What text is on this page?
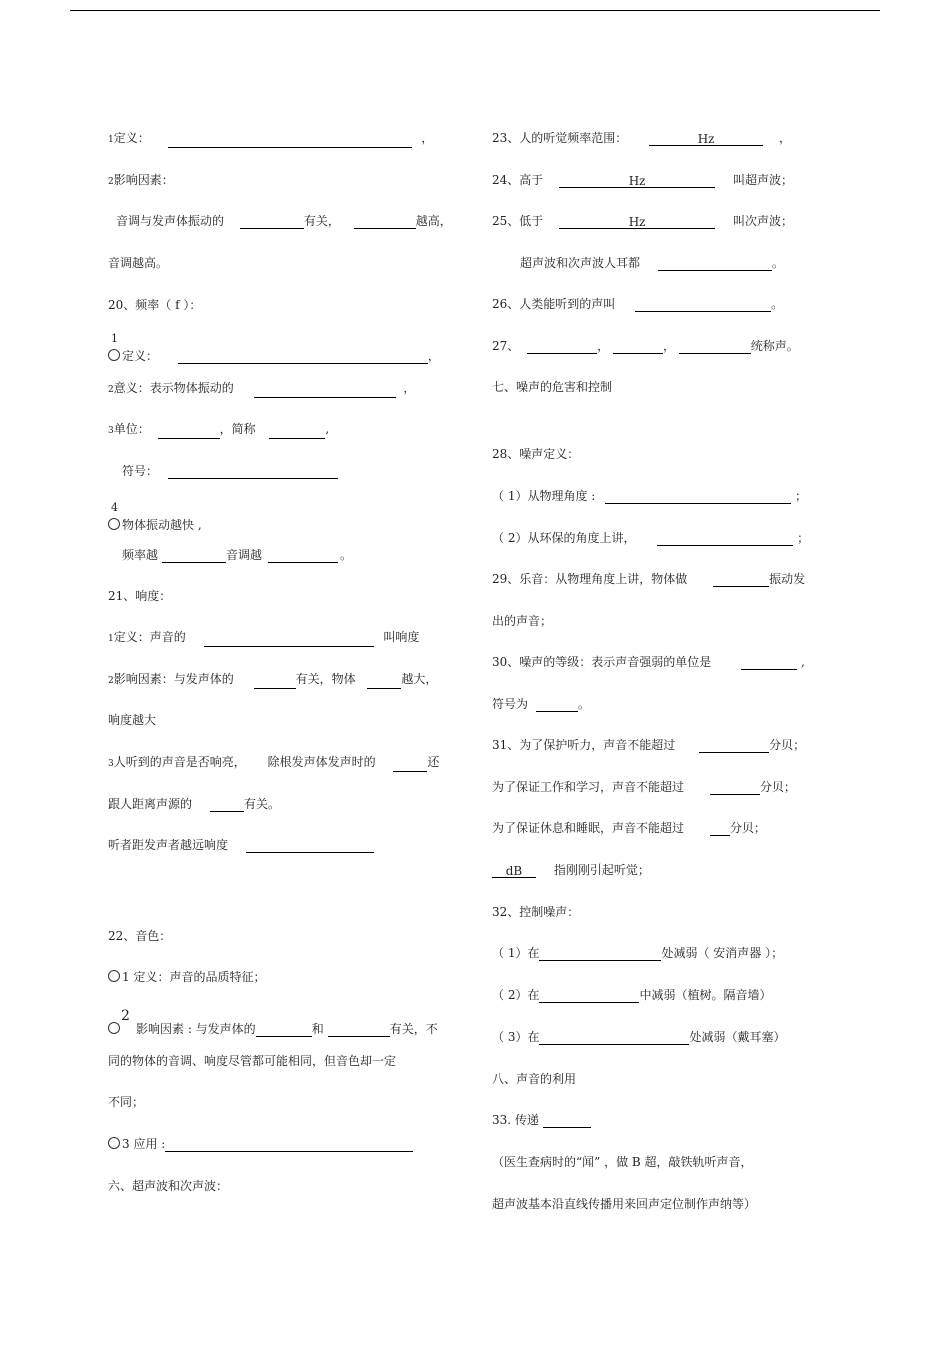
1定义：	，
2影响因素：
音调与发声体振动的	有关，	越高，
音调越高。
20、频率（ f ）：
1
定义：	，
2意义：表示物体振动的	，
3单位：	，简称	,
符号：
4
物体振动越快 ,
频率越	音调越	。
21、响度：
1定义：声音的	叫响度
2影响因素：与发声体的	有关，物体	越大，
响度越大
3人听到的声音是否响亮， 除根发声体发声时的	还
跟人距离声源的	有关。
听者距发声者越远响度
22、音色：
1 定义：声音的品质特征；
2
影响因素 : 与发声体的	和	有关，不
同的物体的音调、响度尽管都可能相同，但音色却一定
不同；
3 应用 :
六、超声波和次声波：
23、人的听觉频率范围：	Hz	，
24、高于	Hz	叫超声波；
25、低于	Hz	叫次声波；
超声波和次声波人耳都	。
26、人类能听到的声叫	。
27、	，	，	统称声。
七、噪声的危害和控制
28、噪声定义：
（ 1）从物理角度 :	；
（ 2）从环保的角度上讲，	；
29、乐音：从物理角度上讲，物体做	振动发
出的声音；
30、噪声的等级：表示声音强弱的单位是	,
符号为	。
31、为了保护听力，声音不能超过	分贝；
为了保证工作和学习，声音不能超过	分贝；
为了保证休息和睡眠，声音不能超过	分贝；
dB	指刚刚引起听觉；
32、控制噪声：
（ 1）在	处减弱（ 安消声器 ）；
（ 2）在	中减弱（植树。隔音墙）
（ 3）在	处减弱（戴耳塞）
八、声音的利用
33. 传递
（医生查病时的“闻” ，做 B 超，敲铁轨听声音，
超声波基本沿直线传播用来回声定位制作声纳等）
